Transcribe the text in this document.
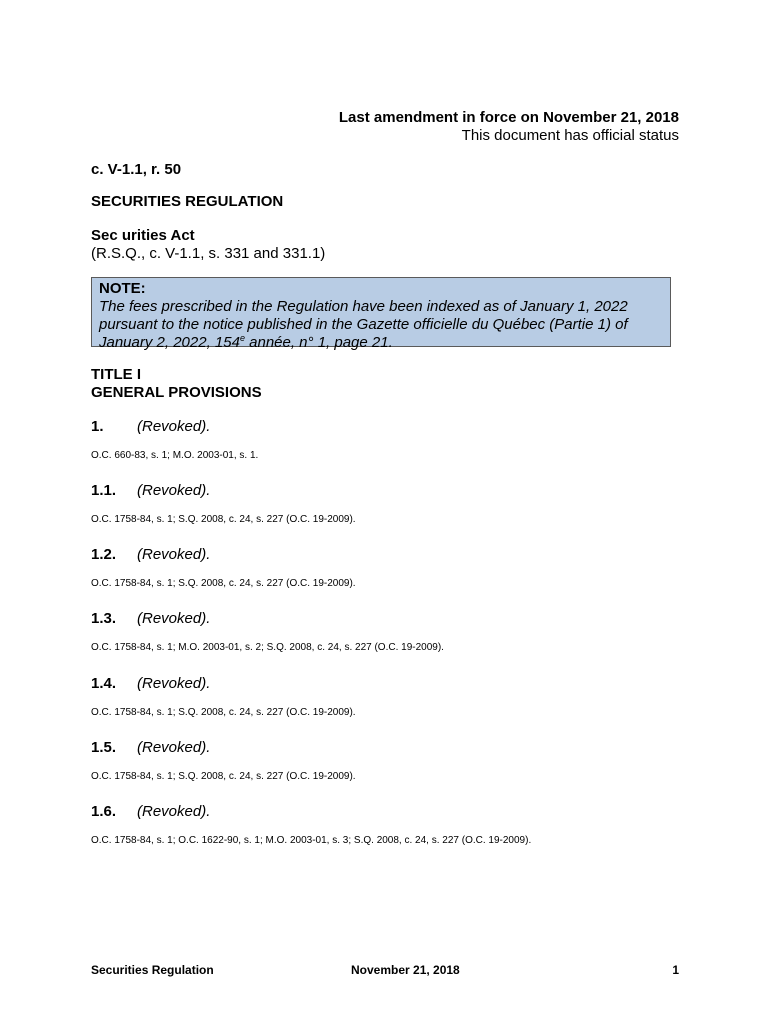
Last amendment in force on November 21, 2018
This document has official status
c. V-1.1, r. 50
SECURITIES REGULATION
Sec urities Act
(R.S.Q., c. V-1.1, s. 331 and 331.1)
NOTE:
The fees prescribed in the Regulation have been indexed as of January 1, 2022
pursuant to the notice published in the Gazette officielle du Québec (Partie 1) of
January 2, 2022, 154e année, n° 1, page 21.
TITLE I
GENERAL PROVISIONS
1. (Revoked).
O.C. 660-83, s. 1; M.O. 2003-01, s. 1.
1.1. (Revoked).
O.C. 1758-84, s. 1; S.Q. 2008, c. 24, s. 227 (O.C. 19-2009).
1.2. (Revoked).
O.C. 1758-84, s. 1; S.Q. 2008, c. 24, s. 227 (O.C. 19-2009).
1.3. (Revoked).
O.C. 1758-84, s. 1; M.O. 2003-01, s. 2; S.Q. 2008, c. 24, s. 227 (O.C. 19-2009).
1.4. (Revoked).
O.C. 1758-84, s. 1; S.Q. 2008, c. 24, s. 227 (O.C. 19-2009).
1.5. (Revoked).
O.C. 1758-84, s. 1; S.Q. 2008, c. 24, s. 227 (O.C. 19-2009).
1.6. (Revoked).
O.C. 1758-84, s. 1; O.C. 1622-90, s. 1; M.O. 2003-01, s. 3; S.Q. 2008, c. 24, s. 227 (O.C. 19-2009).
Securities Regulation	November 21, 2018	1
